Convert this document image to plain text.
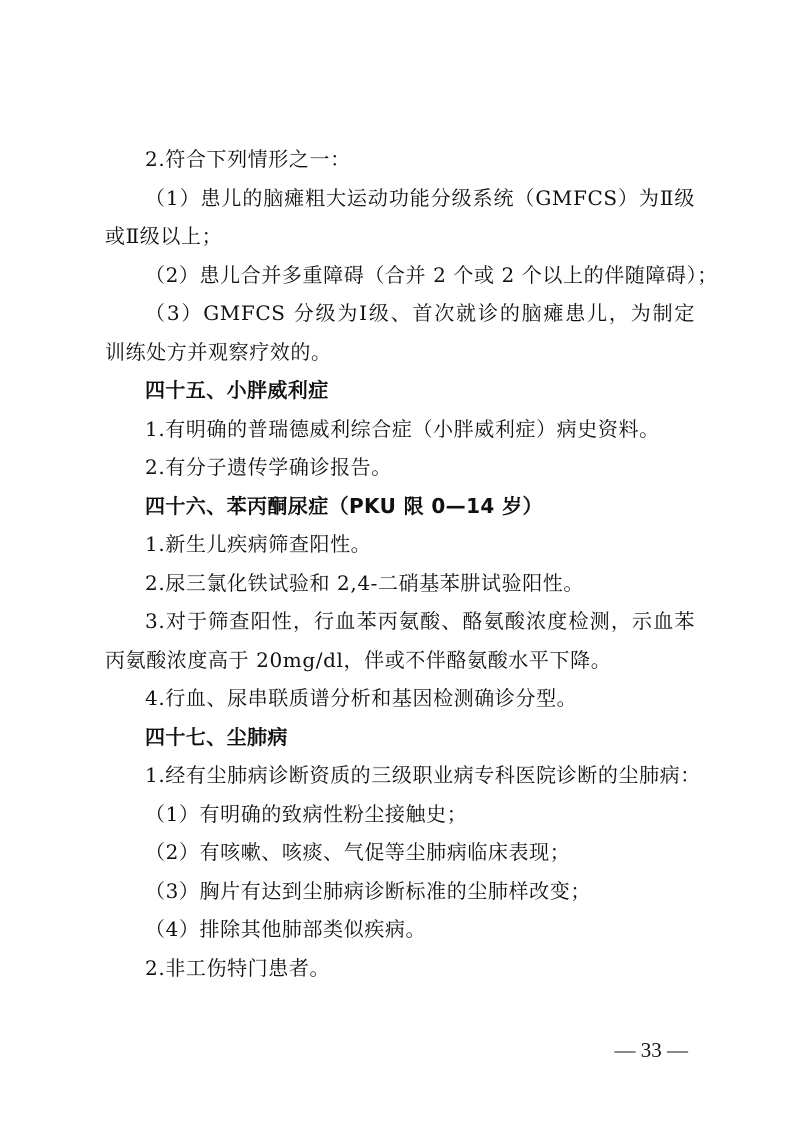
2.符合下列情形之一：
（1）患儿的脑瘫粗大运动功能分级系统（GMFCS）为Ⅱ级
或Ⅱ级以上；
（2）患儿合并多重障碍（合并 2 个或 2 个以上的伴随障碍）；
（3）GMFCS 分级为Ⅰ级、首次就诊的脑瘫患儿，为制定
训练处方并观察疗效的。
四十五、小胖威利症
1.有明确的普瑞德威利综合症（小胖威利症）病史资料。
2.有分子遗传学确诊报告。
四十六、苯丙酮尿症（PKU 限 0—14 岁）
1.新生儿疾病筛查阳性。
2.尿三氯化铁试验和 2,4-二硝基苯肼试验阳性。
3.对于筛查阳性，行血苯丙氨酸、酪氨酸浓度检测，示血苯
丙氨酸浓度高于 20mg/dl，伴或不伴酪氨酸水平下降。
4.行血、尿串联质谱分析和基因检测确诊分型。
四十七、尘肺病
1.经有尘肺病诊断资质的三级职业病专科医院诊断的尘肺病：
（1）有明确的致病性粉尘接触史；
（2）有咳嗽、咳痰、气促等尘肺病临床表现；
（3）胸片有达到尘肺病诊断标准的尘肺样改变；
（4）排除其他肺部类似疾病。
2.非工伤特门患者。
— 33 —
